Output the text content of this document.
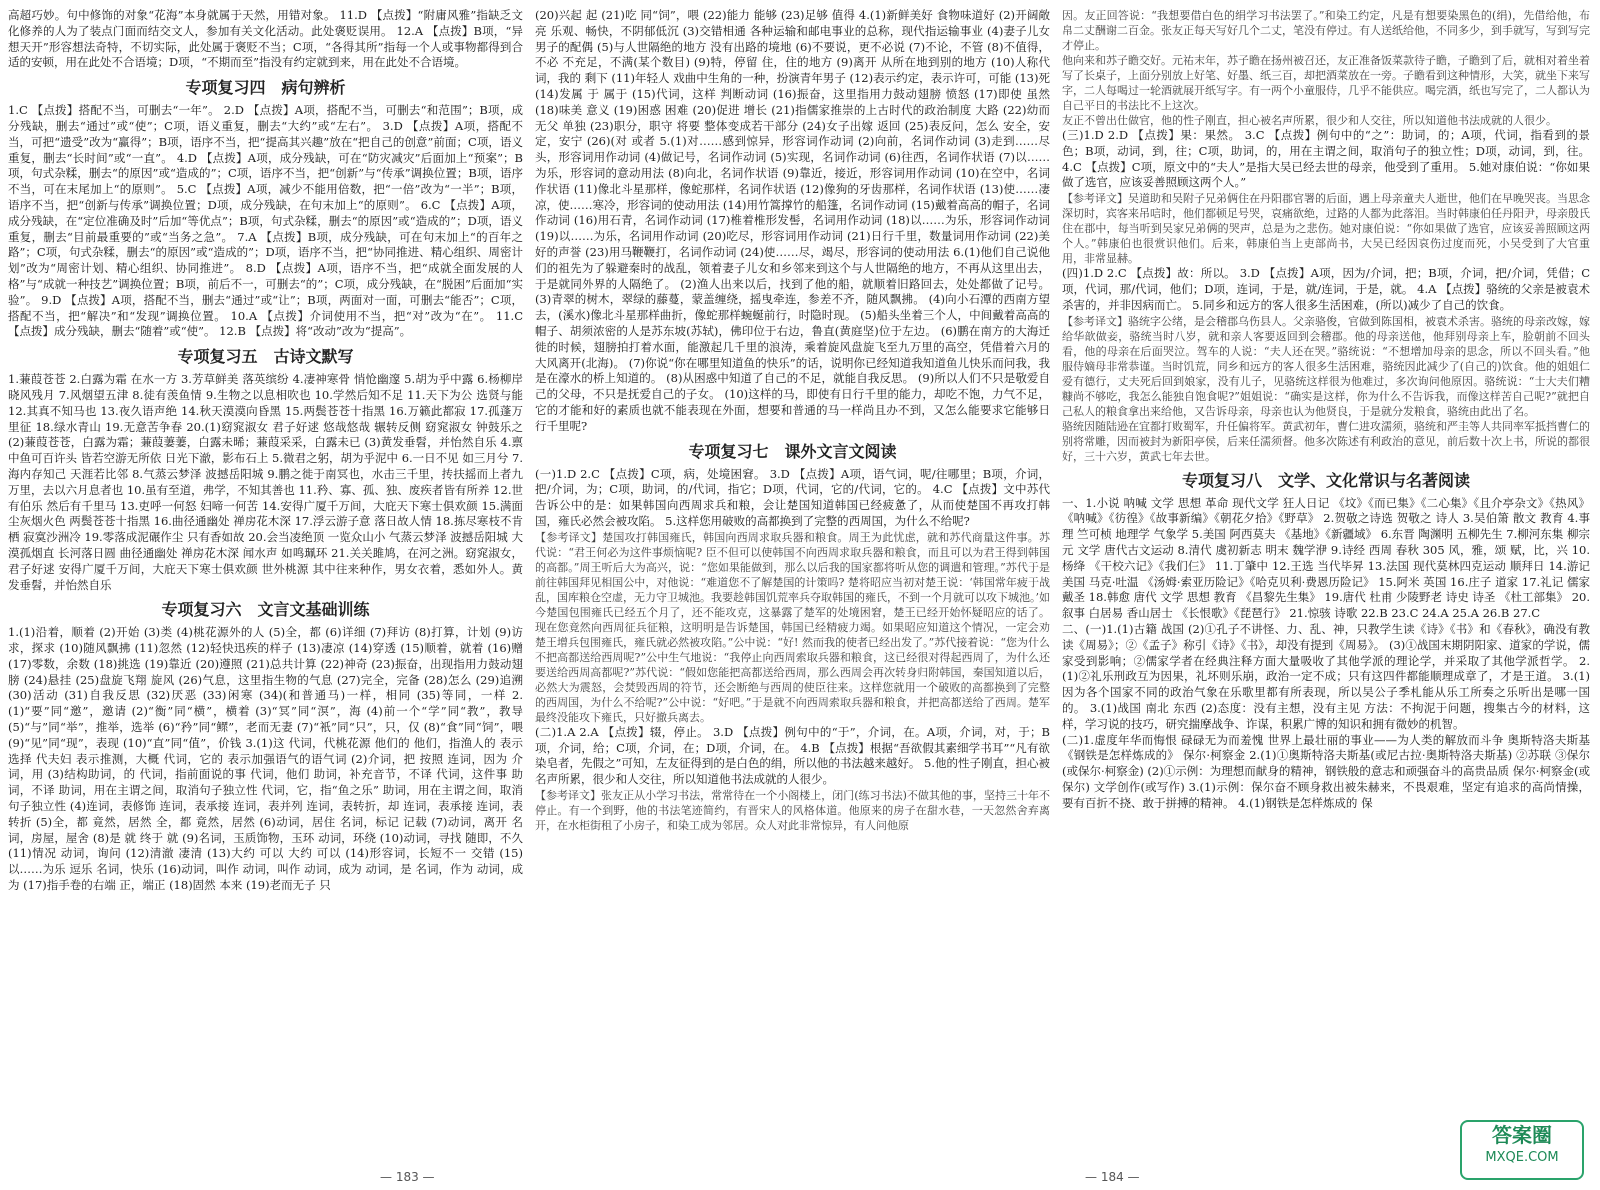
高超巧妙。句中修饰的对象“花海”本身就属于天然，用错对象。 11.D 【点拨】“附庸风雅”指缺乏文化修养的人为了装点门面而结交文人，参加有关文化活动。此处褒贬误用。 12.A 【点拨】B项，“异想天开”形容想法奇特，不切实际，此处属于褒贬不当；C项，“各得其所”指每一个人或事物都得到合适的安顿，用在此处不合语境；D项，“不期而至”指没有约定就到来，用在此处不合语境。

专项复习四　病句辨析

1.C 【点拨】搭配不当，可删去“一年”。 2.D 【点拨】A项，搭配不当，可删去“和范围”；B项，成分残缺，删去“通过”或“使”；C项，语义重复，删去“大约”或“左右”。 3.D 【点拨】A项，搭配不当，可把“遗受”改为“赢得”；B项，语序不当，把“提高其兴趣”放在“把自己的创意”前面；C项，语义重复，删去“长时间”或“一直”。 4.D 【点拨】A项，成分残缺，可在“防灾减灾”后面加上“预案”；B项，句式杂糅，删去“的原因”或“造成的”；C项，语序不当，把“创新”与“传承”调换位置；B项，语序不当，可在末尾加上“的原则”。 5.C 【点拨】A项，减少不能用倍数，把“一倍”改为“一半”；B项，语序不当，把“创新与传承”调换位置；D项，成分残缺，在句末加上“的原则”。 6.C 【点拨】A项，成分残缺，在“定位准确及时”后加“等优点”；B项，句式杂糅，删去“的原因”或“造成的”；D项，语义重复，删去“目前最重要的”或“当务之急”。 7.A 【点拨】B项，成分残缺，可在句末加上“的百年之路”；C项，句式杂糅，删去“的原因”或“造成的”；D项，语序不当，把“协同推进、精心组织、周密计划”改为“周密计划、精心组织、协同推进”。 8.D 【点拨】A项，语序不当，把“成就全面发展的人格”与“成就一种技艺”调换位置；B项，前后不一，可删去“的”；C项，成分残缺，在“脱困”后面加“实验”。 9.D 【点拨】A项，搭配不当，删去“通过”或“让”；B项，两面对一面，可删去“能否”；C项，搭配不当，把“解决”和“发现”调换位置。 10.A 【点拨】介词使用不当，把“对”改为“在”。 11.C 【点拨】成分残缺，删去“随着”或“使”。 12.B 【点拨】将“改动”改为“提高”。

专项复习五　古诗文默写

1.蒹葭苍苍 2.白露为霜 在水一方 3.芳草鲜美 落英缤纷 4.凄神寒骨 悄怆幽邃 5.胡为乎中露 6.杨柳岸 晓风残月 7.风烟望五津 8.徒有羡鱼情 9.生物之以息相吹也 10.学然后知不足 11.天下为公 选贤与能 12.其真不知马也 13.夜久语声绝 14.秋天漠漠向昏黑 15.两鬓苍苍十指黑 16.万籁此都寂 17.孤蓬万里征 18.绿水青山 19.无意苦争春 20.(1)窈窕淑女 君子好逑 悠哉悠哉 辗转反侧 窈窕淑女 钟鼓乐之 (2)蒹葭苍苍，白露为霜；蒹葭萋萋，白露未晞；蒹葭采采，白露未已 (3)黄发垂髫，并怡然自乐 4.禀中鱼可百许头 皆若空游无所依 日光下澈，影布石上 5.微君之躬，胡为乎泥中 6.一日不见 如三月兮 7.海内存知己 天涯若比邻 8.气蒸云梦泽 波撼岳阳城 9.鹏之徙于南冥也，水击三千里，抟扶摇而上者九万里，去以六月息者也 10.虽有至道，弗学，不知其善也 11.矜、寡、孤、独、废疾者皆有所养 12.世有伯乐 然后有千里马 13.吏呼一何怒 妇啼一何苦 14.安得广厦千万间，大庇天下寒士俱欢颜 15.满面尘灰烟火色 两鬓苍苍十指黑 16.曲径通幽处 禅房花木深 17.浮云游子意 落日故人情 18.拣尽寒枝不肯栖 寂寞沙洲冷 19.零落成泥碾作尘 只有香如故 20.会当凌绝顶 一览众山小 气蒸云梦泽 波撼岳阳城 大漠孤烟直 长河落日圆 曲径通幽处 禅房花木深 闻水声 如鸣珮环 21.关关雎鸠，在河之洲。窈窕淑女，君子好逑 安得广厦千万间，大庇天下寒士俱欢颜 世外桃源 其中往来种作，男女衣着，悉如外人。黄发垂髫，并怡然自乐

专项复习六　文言文基础训练

1.(1)沿着，顺着 (2)开始 (3)类 (4)桃花源外的人 (5)全，都 (6)详细 (7)拜访 (8)打算，计划 (9)访求，探求 (10)随风飘拂 (11)忽然 (12)轻快迅疾的样子 (13)凄凉 (14)穿透 (15)顺着，就着 (16)赠 (17)零数，余数 (18)挑选 (19)靠近 (20)遵照 (21)总共计算 (22)神奇 (23)振奋，出现指用力鼓动翅膀 (24)悬挂 (25)盘旋飞翔 旋风 (26)气息，这里指生物的气息 (27)完全，完备 (28)怎么 (29)追溯 (30)活动 (31)自我反思 (32)厌恶 (33)闲寒 (34)(和普通马)一样，相同 (35)等同，一样 2.(1)“要”同“邀”，邀请 (2)“衡”同“横”，横着 (3)“冥”同“溟”，海 (4)前一个“学”同“教”，教导 (5)“与”同“举”，推举，选举 (6)“矜”同“鳏”，老而无妻 (7)“衹”同“只”，只，仅 (8)“食”同“饲”，喂 (9)“见”同“现”，表现 (10)“直”同“值”，价钱 3.(1)这 代词，代桃花源 他们的 他们，指渔人的 表示选择 代夫妇 表示推测，大概 代词，它的 表示加强语气的语气词 (2)介词，把 按照 连词，因为 介词，用 (3)结构助词，的 代词，指前面说的事 代词，他们 助词，补充音节，不译 代词，这件事 助词，不译 助词，用在主谓之间，取消句子独立性 代词，它，指“鱼之乐” 助词，用在主谓之间，取消句子独立性 (4)连词，表修饰 连词，表承接 连词，表并列 连词，表转折，却 连词，表承接 连词，表转折 (5)全，都 竟然，居然 全，都 竟然，居然 (6)动词，居住 名词，标记 记载 (7)动词，离开 名词，房屋，屋舍 (8)是 就 终于 就 (9)名词，玉质饰物，玉环 动词，环绕 (10)动词，寻找 随即，不久 (11)情况 动词，询问 (12)清澈 凄清 (13)大约 可以 大约 可以 (14)形容词，长短不一 交错 (15)以……为乐 逗乐 名词，快乐 (16)动词，叫作 动词，叫作 动词，成为 动词，是 名词，作为 动词，成为 (17)指手卷的右端 正，端正 (18)固然 本来 (19)老而无子 只

(20)兴起 起 (21)吃 同“饲”，喂 (22)能力 能够 (23)足够 值得 4.(1)新鲜美好 食物味道好 (2)开阔敞亮 乐观、畅快，不阴郁低沉 (3)交错相通 各种运输和邮电事业的总称，现代指运输事业 (4)妻子儿女 男子的配偶 (5)与人世隔绝的地方 没有出路的境地 (6)不要说，更不必说 (7)不论，不管 (8)不值得，不必 不充足，不满(某个数目) (9)特，停留 住，住的地方 (9)离开 从所在地到别的地方 (10)人称代词，我的 剩下 (11)年轻人 戏曲中生角的一种，扮演青年男子 (12)表示约定，表示许可，可能 (13)死 (14)发属 于 属于 (15)代词，这样 判断动词 (16)振奋，这里指用力鼓动翅膀 愤怒 (17)即使 虽然 (18)味美 意义 (19)困惑 困难 (20)促进 增长 (21)指儒家推崇的上古时代的政治制度 大路 (22)幼而无父 单独 (23)职分，职守 将要 整体变成若干部分 (24)女子出嫁 返回 (25)表反问，怎么 安全，安定，安宁 (26)(对 或者 5.(1)对……感到惊异，形容词作动词 (2)向前，名词作动词 (3)走到……尽头，形容词用作动词 (4)做记号，名词作动词 (5)实现，名词作动词 (6)往西，名词作状语 (7)以……为乐，形容词的意动用法 (8)向北，名词作状语 (9)靠近，接近，形容词用作动词 (10)在空中，名词作状语 (11)像北斗星那样，像蛇那样，名词作状语 (12)像狗的牙齿那样，名词作状语 (13)使……凄凉，使……寒冷，形容词的使动用法 (14)用竹篙撑竹的船篷，名词作动词 (15)戴着高高的帽子，名词作动词 (16)用石青，名词作动词 (17)椎着椎形发髻，名词用作动词 (18)以……为乐，形容词作动词 (19)以……为乐，名词用作动词 (20)吃尽，形容词用作动词 (21)日行千里，数量词用作动词 (22)美好的声誉 (23)用马鞭鞭打，名词作动词 (24)使……尽，竭尽，形容词的使动用法 6.(1)他们自己说他们的祖先为了躲避秦时的战乱，领着妻子儿女和乡邻来到这个与人世隔绝的地方，不再从这里出去，于是就同外界的人隔绝了。 (2)渔人出来以后，找到了他的船，就顺着旧路回去，处处都做了记号。 (3)青翠的树木，翠绿的藤蔓，蒙盖缠绕，摇曳牵连，参差不齐，随风飘拂。 (4)向小石潭的西南方望去，(溪水)像北斗星那样曲折，像蛇那样蜿蜒前行，时隐时现。 (5)船头坐着三个人，中间戴着高高的帽子、胡须浓密的人是苏东坡(苏轼)，佛印位于右边，鲁直(黄庭坚)位于左边。 (6)鹏在南方的大海迁徙的时候，翅膀拍打着水面，能激起几千里的浪涛，乘着旋风盘旋飞至九万里的高空，凭借着六月的大风离开(北海)。 (7)你说“你在哪里知道鱼的快乐”的话，说明你已经知道我知道鱼儿快乐而问我，我是在濠水的桥上知道的。 (8)从困惑中知道了自己的不足，就能自我反思。 (9)所以人们不只是敬爱自己的父母，不只是抚爱自己的子女。 (10)这样的马，即使有日行千里的能力，却吃不饱，力气不足，它的才能和好的素质也就不能表现在外面，想要和普通的马一样尚且办不到，又怎么能要求它能够日行千里呢?

专项复习七　课外文言文阅读

(一)1.D 2.C 【点拨】C项，病，处境困窘。 3.D 【点拨】A项，语气词，呢/往哪里；B项，介词，把/介词，为；C项，助词，的/代词，指它；D项，代词，它的/代词，它的。 4.C 【点拨】文中苏代告诉公中的是：如果韩国向西周求兵和粮，会让楚国知道韩国已经疲惫了，从而使楚国不再攻打韩国，雍氏必然会被攻陷。 5.这样您用破败的高都换到了完整的西周国，为什么不给呢?

【参考译文】楚国攻打韩国雍氏，韩国向西周求取兵器和粮食。周王为此忧虑，就和苏代商量这件事。苏代说：“君王何必为这件事烦恼呢? 臣不但可以使韩国不向西周求取兵器和粮食，而且可以为君王得到韩国的高都。”周王听后大为高兴，说：“您如果能做到，那么以后我的国家都将听从您的调遣和管理。”苏代于是前往韩国拜见相国公中，对他说：“难道您不了解楚国的计策吗? 楚将昭应当初对楚王说：‘韩国常年疲于战乱，国库粮仓空虚，无力守卫城池。我要趁韩国饥荒率兵夺取韩国的雍氏，不到一个月就可以攻下城池。’如今楚国包围雍氏已经五个月了，还不能攻克，这暴露了楚军的处境困窘，楚王已经开始怀疑昭应的话了。现在您竟然向西周征兵征粮，这明明是告诉楚国，韩国已经精疲力竭。如果昭应知道这个情况，一定会劝楚王增兵包围雍氏，雍氏就必然被攻陷。”公中说：“好! 然而我的使者已经出发了。”苏代接着说：“您为什么不把高都送给西周呢?”公中生气地说：“我停止向西周索取兵器和粮食，这已经很对得起西周了，为什么还要送给西周高都呢?”苏代说：“假如您能把高都送给西周，那么西周会再次转身归附韩国，秦国知道以后，必然大为震怒，会焚毁西周的符节，还会断绝与西周的使臣往来。这样您就用一个破败的高都换到了完整的西周国，为什么不给呢?”公中说：“好吧。”于是就不向西周索取兵器和粮食，并把高都送给了西周。楚军最终没能攻下雍氏，只好撤兵离去。

(二)1.A 2.A 【点拨】辍，停止。 3.D 【点拨】例句中的“于”，介词，在。A项，介词，对，于；B项，介词，给；C项，介词，在；D项，介词，在。 4.B 【点拨】根据“吾欲假其素细学书耳”“凡有欲染皂者，先假之”可知，左友征得到的是白色的绢，所以他的书法越来越好。 5.他的性子刚直，担心被名声所累，很少和人交往，所以知道他书法成就的人很少。

【参考译文】张友正从小学习书法，常常待在一个小阁楼上，闭门(练习书法)不做其他的事，坚持三十年不停止。有一个到野，他的书法笔迹简约，有晋宋人的风格体道。他原来的房子在甜水巷，一天忽然舍弃离开，在水柜街租了小房子，和染工成为邻居。众人对此非常惊异，有人问他原

因。友正回答说：“我想要借白色的绢学习书法罢了。”和染工约定，凡是有想要染黑色的(绢)，先借给他，布帛二丈酬谢二百金。张友正每天写好几个二丈，笔没有停过。有人送纸给他，不同多少，到手就写，写到写完才停止。

他向来和苏子瞻交好。元祐末年，苏子瞻在扬州被召还，友正准备饭菜款待子瞻，子瞻到了后，就相对着坐着写了长桌子，上面分别放上好笔、好墨、纸三百，却把酒菜放在一旁。子瞻看到这种情形，大笑，就坐下来写字，二人每喝过一轮酒就展开纸写字。有一两个小童服侍，几乎不能供应。喝完酒，纸也写完了，二人都认为自己平日的书法比不上这次。

友正不曾出仕做官，他的性子刚直，担心被名声所累，很少和人交往，所以知道他书法成就的人很少。

(三)1.D 2.D 【点拨】果：果然。 3.C 【点拨】例句中的“之”：助词，的；A项，代词，指看到的景色；B项，动词，到，往；C项，助词，的，用在主谓之间，取消句子的独立性；D项，动词，到，往。 4.C 【点拨】C项，原文中的“夫人”是指大吴已经去世的母亲，他受到了重用。 5.她对康伯说：“你如果做了选官，应该妥善照顾这两个人。”

【参考译文】吴道助和吴附子兄弟俩住在丹阳郡官署的后面，遇上母亲童夫人逝世，他们在早晚哭丧。当思念深切时，宾客来吊唁时，他们都顿足号哭，哀痛欲绝，过路的人都为此落泪。当时韩康伯任丹阳尹，母亲殷氏住在郡中，每当听到吴家兄弟俩的哭声，总是为之悲伤。她对康伯说：“你如果做了选官，应该妥善照顾这两个人。”韩康伯也很赏识他们。后来，韩康伯当上吏部尚书，大吴已经因哀伤过度而死，小吴受到了大官重用，非常显赫。

(四)1.D 2.C 【点拨】故：所以。 3.D 【点拨】A项，因为/介词，把；B项，介词，把/介词，凭借；C项，代词，那/代词，他们；D项，连词，于是，就/连词，于是，就。 4.A 【点拨】骆统的父亲是被袁术杀害的，并非因病而亡。 5.同乡和远方的客人很多生活困难，(所以)减少了自己的饮食。

【参考译文】骆统字公绪，是会稽郡乌伤县人。父亲骆俊，官做到陈国相，被袁术杀害。骆统的母亲改嫁，嫁给华歆做妾，骆统当时八岁，就和亲人客要返回到会稽郡。他的母亲送他，他拜别母亲上车，脸朝前不回头看，他的母亲在后面哭泣。驾车的人说：“夫人还在哭。”骆统说：“不想增加母亲的思念，所以不回头看。”他服侍嫡母非常恭谨。当时饥荒，同乡和远方的客人很多生活困难，骆统因此减少了(自己的)饮食。他的姐姐仁爱有德行，丈夫死后回到娘家，没有儿子，见骆统这样很为他难过，多次询问他原因。骆统说：“士大夫们糟糠尚不够吃，我怎么能独自饱食呢?”姐姐说：“确实是这样，你为什么不告诉我，而像这样苦自己呢?”就把自己私人的粮食拿出来给他，又告诉母亲，母亲也认为他贤良，于是就分发粮食，骆统由此出了名。

骆统因随陆逊在宜都打败蜀军，升任偏将军。黄武初年，曹仁进攻濡须，骆统和严圭等人共同率军抵挡曹仁的别将常雕，因而被封为新阳亭侯，后来任濡须督。他多次陈述有利政治的意见，前后数十次上书，所说的都很好，三十六岁，黄武七年去世。

专项复习八　文学、文化常识与名著阅读

一、1.小说 呐喊 文学 思想 革命 现代文学 狂人日记 《坟》《而已集》《二心集》《且介亭杂文》《热风》《呐喊》《彷徨》《故事新编》《朝花夕拾》《野草》 2.贺敬之诗选 贺敬之 诗人 3.吴伯箫 散文 教育 4.事理 竺可桢 地理学 气象学 5.美国 阿西莫夫 《基地》《新疆域》 6.东晋 陶渊明 五柳先生 7.柳河东集 柳宗元 文学 唐代古文运动 8.清代 虞初新志 明末 魏学洢 9.诗经 西周 春秋 305 风，雅，颂 赋，比，兴 10.杨绛 《干校六记》《我们仨》 11.丁肇中 12.王选 当代毕昇 13.法国 现代莫林四克运动 顺拜日 14.游记 美国 马克·吐温 《汤姆·索亚历险记》《哈克贝利·费恩历险记》 15.阿米 英国 16.庄子 道家 17.礼记 儒家 戴圣 18.韩愈 唐代 文学 思想 教育 《昌黎先生集》 19.唐代 杜甫 少陵野老 诗史 诗圣 《杜工部集》 20.叙事 白居易 香山居士 《长恨歌》《琵琶行》 21.惊骇 诗歌 22.B 23.C 24.A 25.A 26.B 27.C

二、(一)1.(1)古籍 战国 (2)①孔子不讲怪、力、乱、神，只教学生读《诗》《书》和《春秋》，确没有教读《周易》；②《孟子》称引《诗》《书》，却没有提到《周易》。 (3)①战国末期阴阳家、道家的学说，儒家受到影响；②儒家学者在经典注释方面大量吸收了其他学派的理论学，并采取了其他学派哲学。 2.(1)②礼乐刑政互为因果，礼坏则乐崩，政治一定不成；只有这四件都能顺理成章了，才是王道。 3.(1)因为各个国家不同的政治气象在乐歌里都有所表现，所以吴公子季札能从乐工所奏之乐听出是哪一国的。 3.(1)战国 南北 东西 (2)态度：没有主想，没有主见 方法：不拘泥于问题，搜集古今的材料，这样，学习说的技巧，研究揣摩战争、诈谋，积累广博的知识和拥有微妙的机智。

(二)1.虚度年华而悔恨 碌碌无为而羞愧 世界上最壮丽的事业——为人类的解放而斗争 奥斯特洛夫斯基 《钢铁是怎样炼成的》 保尔·柯察金 2.(1)①奥斯特洛夫斯基(或尼古拉·奥斯特洛夫斯基) ②苏联 ③保尔(或保尔·柯察金) (2)①示例：为理想而献身的精神，钢铁般的意志和顽强奋斗的高贵品质 保尔·柯察金(或保尔) 文学创作(或写作) 3.(1)示例：保尔奋不顾身救出被朱赫来，不畏艰难，坚定有追求的高尚情操，要有百折不挠、敢于拼搏的精神。 4.(1)钢铁是怎样炼成的 保

— 183 —	— 184 —
答案圈
MXQE.COM
